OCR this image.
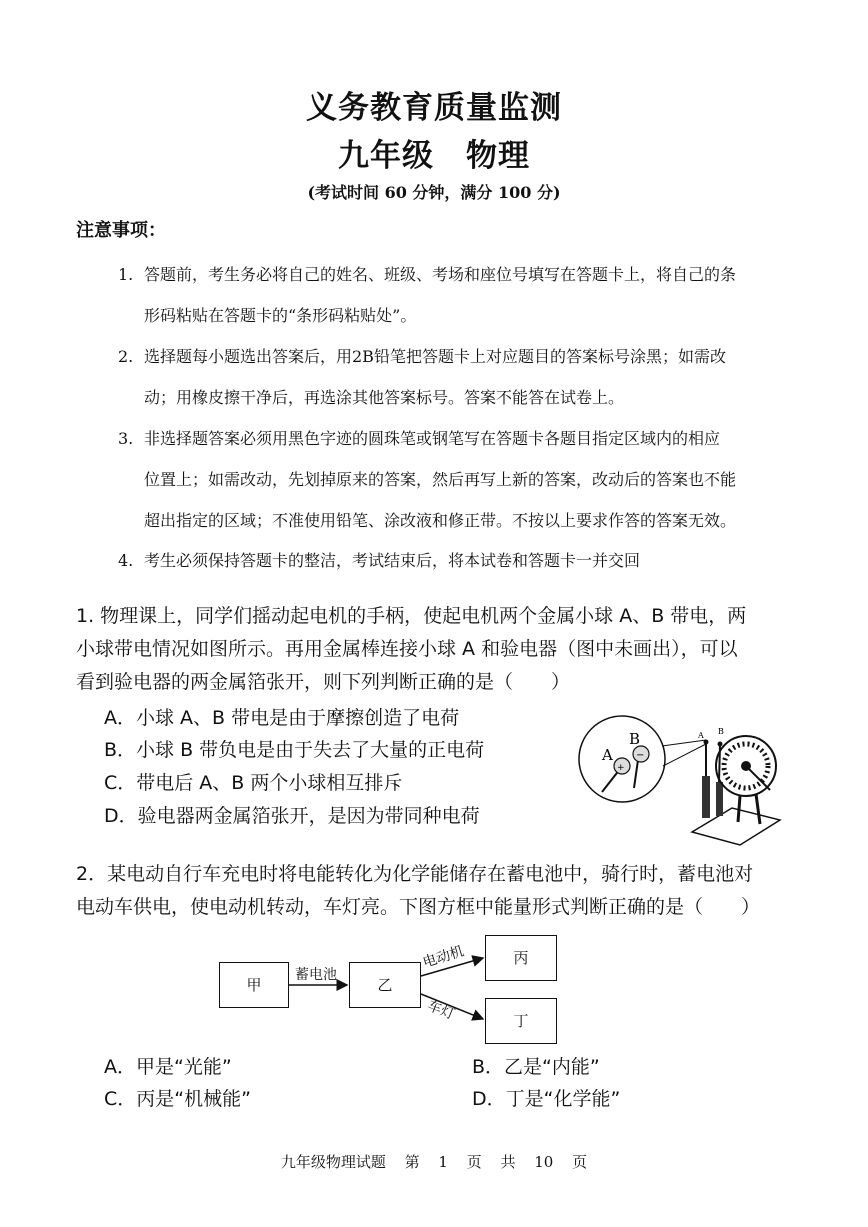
义务教育质量监测
九年级　物理
(考试时间 60 分钟，满分 100 分)
注意事项：
1. 答题前，考生务必将自己的姓名、班级、考场和座位号填写在答题卡上，将自己的条
形码粘贴在答题卡的“条形码粘贴处”。
2. 选择题每小题选出答案后，用2B铅笔把答题卡上对应题目的答案标号涂黑；如需改
动；用橡皮擦干净后，再选涂其他答案标号。答案不能答在试卷上。
3. 非选择题答案必须用黑色字迹的圆珠笔或钢笔写在答题卡各题目指定区域内的相应
位置上；如需改动，先划掉原来的答案，然后再写上新的答案，改动后的答案也不能
超出指定的区域；不准使用铅笔、涂改液和修正带。不按以上要求作答的答案无效。
4. 考生必须保持答题卡的整洁，考试结束后，将本试卷和答题卡一并交回
1. 物理课上，同学们摇动起电机的手柄，使起电机两个金属小球 A、B 带电，两
小球带电情况如图所示。再用金属棒连接小球 A 和验电器（图中未画出），可以
看到验电器的两金属箔张开，则下列判断正确的是（　　）
A．小球 A、B 带电是由于摩擦创造了电荷
B．小球 B 带负电是由于失去了大量的正电荷
C．带电后 A、B 两个小球相互排斥
D．验电器两金属箔张开，是因为带同种电荷
+
−
A
B	A B
2．某电动自行车充电时将电能转化为化学能储存在蓄电池中，骑行时，蓄电池对
电动车供电，使电动机转动，车灯亮。下图方框中能量形式判断正确的是（　　）
甲	乙
丙
丁
蓄电池
电动机
车灯
A．甲是“光能”	B．乙是“内能”
C．丙是“机械能”	D．丁是“化学能”
九年级物理试题 第 1 页 共 10 页
